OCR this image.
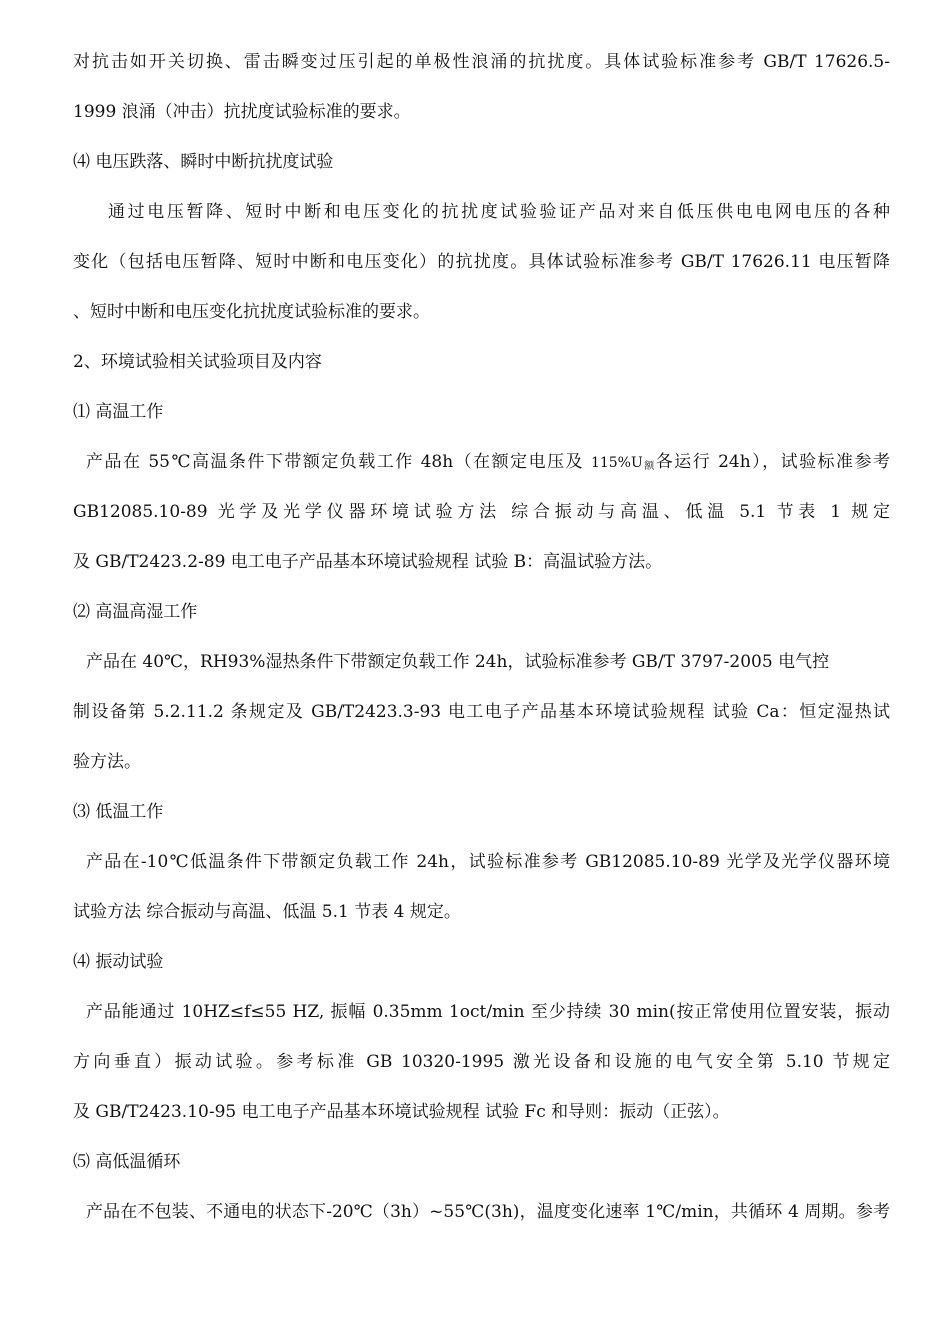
对抗击如开关切换、雷击瞬变过压引起的单极性浪涌的抗扰度。具体试验标准参考 GB/T 17626.5-
1999 浪涌（冲击）抗扰度试验标准的要求。
⑷ 电压跌落、瞬时中断抗扰度试验
通过电压暂降、短时中断和电压变化的抗扰度试验验证产品对来自低压供电电网电压的各种
变化（包括电压暂降、短时中断和电压变化）的抗扰度。具体试验标准参考 GB/T 17626.11 电压暂降
、短时中断和电压变化抗扰度试验标准的要求。
2、环境试验相关试验项目及内容
⑴ 高温工作
产品在 55℃高温条件下带额定负载工作 48h（在额定电压及 $115\%U_额$各运行 24h），试验标准参考
GB12085.10-89 光学及光学仪器环境试验方法 综合振动与高温、低温 5.1 节表 1 规定
及 GB/T2423.2-89 电工电子产品基本环境试验规程 试验 B：高温试验方法。
⑵ 高温高湿工作
产品在 40℃，RH93%湿热条件下带额定负载工作 24h，试验标准参考 GB/T 3797-2005 电气控
制设备第 5.2.11.2 条规定及 GB/T2423.3-93 电工电子产品基本环境试验规程 试验 Ca：恒定湿热试
验方法。
⑶ 低温工作
产品在-10℃低温条件下带额定负载工作 24h，试验标准参考 GB12085.10-89 光学及光学仪器环境
试验方法 综合振动与高温、低温 5.1 节表 4 规定。
⑷ 振动试验
产品能通过 10HZ≤f≤55 HZ, 振幅 0.35mm 1oct/min 至少持续 30 min(按正常使用位置安装，振动
方向垂直）振动试验。参考标准 GB 10320-1995 激光设备和设施的电气安全第 5.10 节规定
及 GB/T2423.10-95 电工电子产品基本环境试验规程 试验 Fc 和导则：振动（正弦）。
⑸ 高低温循环
产品在不包装、不通电的状态下-20℃（3h）~55℃(3h)，温度变化速率 1℃/min，共循环 4 周期。参考
